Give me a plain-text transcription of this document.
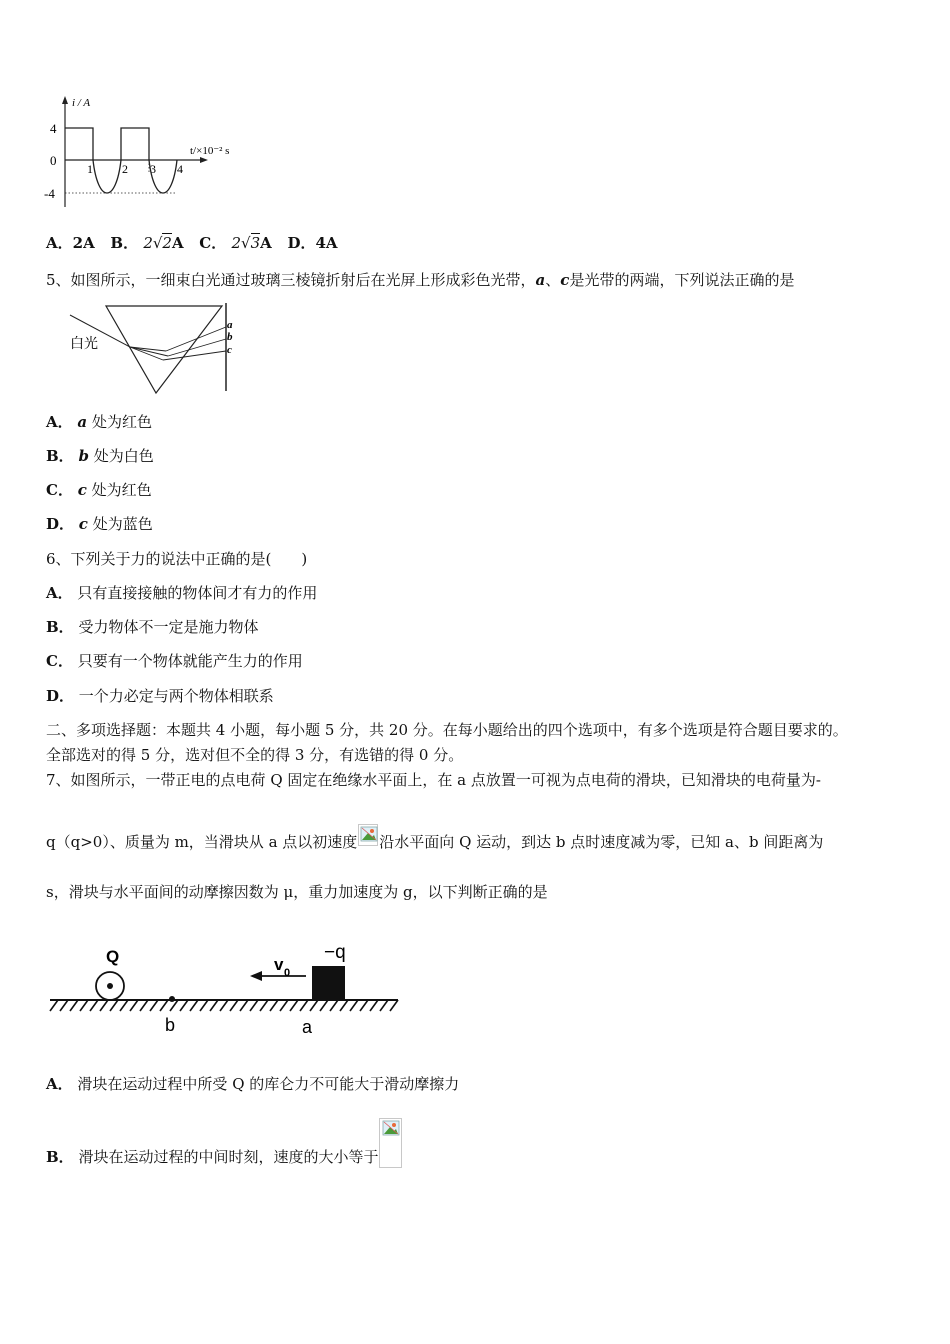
i / A
t/×10⁻² s
4
0
-4
1 2 3 4
A．2A B． 2√2A C． 2√3A D．4A
5、如图所示，一细束白光通过玻璃三棱镜折射后在光屏上形成彩色光带，a、c是光带的两端，下列说法正确的是
白光
a
b
c
A． a 处为红色
B． b 处为白色
C． c 处为红色
D． c 处为蓝色
6、下列关于力的说法中正确的是(　　)
A． 只有直接接触的物体间才有力的作用
B． 受力物体不一定是施力物体
C． 只要有一个物体就能产生力的作用
D． 一个力必定与两个物体相联系
二、多项选择题：本题共 4 小题，每小题 5 分，共 20 分。在每小题给出的四个选项中，有多个选项是符合题目要求的。
全部选对的得 5 分，选对但不全的得 3 分，有选错的得 0 分。
7、如图所示，一带正电的点电荷 Q 固定在绝缘水平面上，在 a 点放置一可视为点电荷的滑块，已知滑块的电荷量为-
q（q>0）、质量为 m，当滑块从 a 点以初速度 沿水平面向 Q 运动，到达 b 点时速度减为零，已知 a、b 间距离为
s，滑块与水平面间的动摩擦因数为 μ，重力加速度为 g，以下判断正确的是
Q
b	a
−q
v 0
A． 滑块在运动过程中所受 Q 的库仑力不可能大于滑动摩擦力
B． 滑块在运动过程的中间时刻，速度的大小等于
